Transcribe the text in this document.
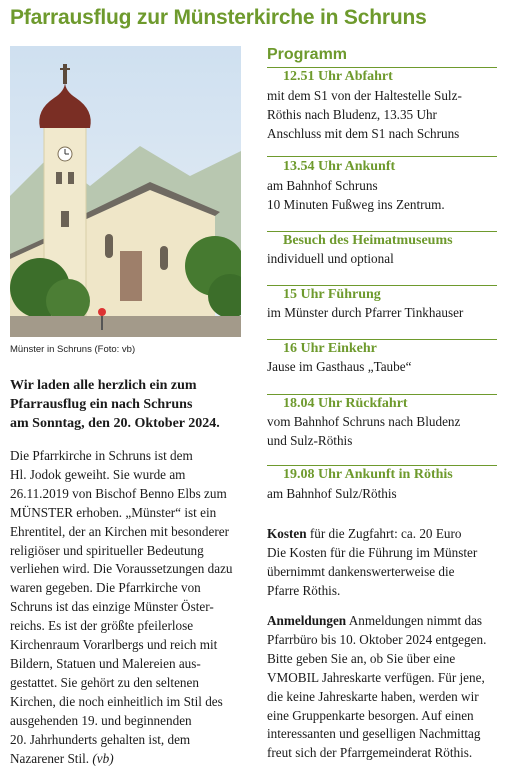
Pfarrausflug zur Münsterkirche in Schruns
Münster in Schruns (Foto: vb)
Wir laden alle herzlich ein zum
Pfarrausflug ein nach Schruns
am Sonntag, den 20. Oktober 2024.
Die Pfarrkirche in Schruns ist dem
Hl. Jodok geweiht. Sie wurde am
26.11.2019 von Bischof Benno Elbs zum
MÜNSTER erhoben. „Münster“ ist ein
Ehrentitel, der an Kirchen mit besonderer
religiöser und spiritueller Bedeutung
verliehen wird. Die Voraussetzungen dazu
waren gegeben. Die Pfarrkirche von
Schruns ist das einzige Münster Öster-
reichs. Es ist der größte pfeilerlose
Kirchenraum Vorarlbergs und reich mit
Bildern, Statuen und Malereien aus-
gestattet. Sie gehört zu den seltenen
Kirchen, die noch einheitlich im Stil des
ausgehenden 19. und beginnenden
20. Jahrhunderts gehalten ist, dem
Nazarener Stil. (vb)
Programm
12.51 Uhr Abfahrt
mit dem S1 von der Haltestelle Sulz-
Röthis nach Bludenz, 13.35 Uhr
Anschluss mit dem S1 nach Schruns
13.54 Uhr Ankunft
am Bahnhof Schruns
10 Minuten Fußweg ins Zentrum.
Besuch des Heimatmuseums
individuell und optional
15 Uhr Führung
im Münster durch Pfarrer Tinkhauser
16 Uhr Einkehr
Jause im Gasthaus „Taube“
18.04 Uhr Rückfahrt
vom Bahnhof Schruns nach Bludenz
und Sulz-Röthis
19.08 Uhr Ankunft in Röthis
am Bahnhof Sulz/Röthis
Kosten für die Zugfahrt: ca. 20 Euro
Die Kosten für die Führung im Münster
übernimmt dankenswerterweise die
Pfarre Röthis.
Anmeldungen Anmeldungen nimmt das
Pfarrbüro bis 10. Oktober 2024 entgegen.
Bitte geben Sie an, ob Sie über eine
VMOBIL Jahreskarte verfügen. Für jene,
die keine Jahreskarte haben, werden wir
eine Gruppenkarte besorgen. Auf einen
interessanten und geselligen Nachmittag
freut sich der Pfarrgemeinderat Röthis.
